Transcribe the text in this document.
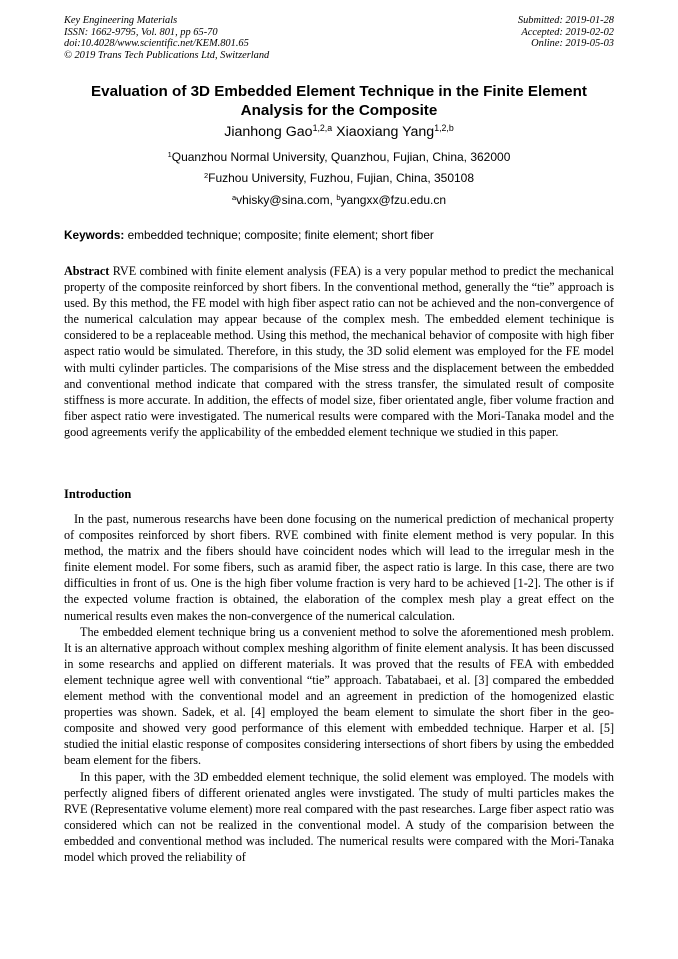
Key Engineering Materials
ISSN: 1662-9795, Vol. 801, pp 65-70
doi:10.4028/www.scientific.net/KEM.801.65
© 2019 Trans Tech Publications Ltd, Switzerland
Submitted: 2019-01-28
Accepted: 2019-02-02
Online: 2019-05-03
Evaluation of 3D Embedded Element Technique in the Finite Element Analysis for the Composite
Jianhong Gao$^{1,2,a}$ Xiaoxiang Yang$^{1,2,b}$
$^1$Quanzhou Normal University, Quanzhou, Fujian, China, 362000
$^2$Fuzhou University, Fuzhou, Fujian, China, 350108
$^a$vhisky@sina.com, $^b$yangxx@fzu.edu.cn
Keywords: embedded technique; composite; finite element; short fiber
Abstract RVE combined with finite element analysis (FEA) is a very popular method to predict the mechanical property of the composite reinforced by short fibers. In the conventional method, generally the “tie” approach is used. By this method, the FE model with high fiber aspect ratio can not be achieved and the non-convergence of the numerical calculation may appear because of the complex mesh. The embedded element techinique is considered to be a replaceable method. Using this method, the mechanical behavior of composite with high fiber aspect ratio would be simulated. Therefore, in this study, the 3D solid element was employed for the FE model with multi cylinder particles. The comparisions of the Mise stress and the displacement between the embedded and conventional method indicate that compared with the stress transfer, the simulated result of composite stiffness is more accurate. In addition, the effects of model size, fiber orientated angle, fiber volume fraction and fiber aspect ratio were investigated. The numerical results were compared with the Mori-Tanaka model and the good agreements verify the applicability of the embedded element technique we studied in this paper.
Introduction

In the past, numerous researchs have been done focusing on the numerical prediction of mechanical property of composites reinforced by short fibers. RVE combined with finite element method is very popular. In this method, the matrix and the fibers should have coincident nodes which will lead to the irregular mesh in the finite element model. For some fibers, such as aramid fiber, the aspect ratio is large. In this case, there are two difficulties in front of us. One is the high fiber volume fraction is very hard to be achieved [1-2]. The other is if the expected volume fraction is obtained, the elaboration of the complex mesh play a great effect on the numerical results even makes the non-convergence of the numerical calculation.

The embedded element technique bring us a convenient method to solve the aforementioned mesh problem. It is an alternative approach without complex meshing algorithm of finite element analysis. It has been discussed in some researchs and applied on different materials. It was proved that the results of FEA with embedded element technique agree well with conventional “tie” approach. Tabatabaei, et al. [3] compared the embedded element method with the conventional model and an agreement in prediction of the homogenized elastic properties was shown. Sadek, et al. [4] employed the beam element to simulate the short fiber in the geo-composite and showed very good performance of this element with embedded technique. Harper et al. [5] studied the initial elastic response of composites considering intersections of short fibers by using the embedded beam element for the fibers.

In this paper, with the 3D embedded element technique, the solid element was employed. The models with perfectly aligned fibers of different orienated angles were invstigated. The study of multi particles makes the RVE (Representative volume element) more real compared with the past researches. Large fiber aspect ratio was considered which can not be realized in the conventional model. A study of the comparision between the embedded and conventional method was included. The numerical results were compared with the Mori-Tanaka model which proved the reliability of
